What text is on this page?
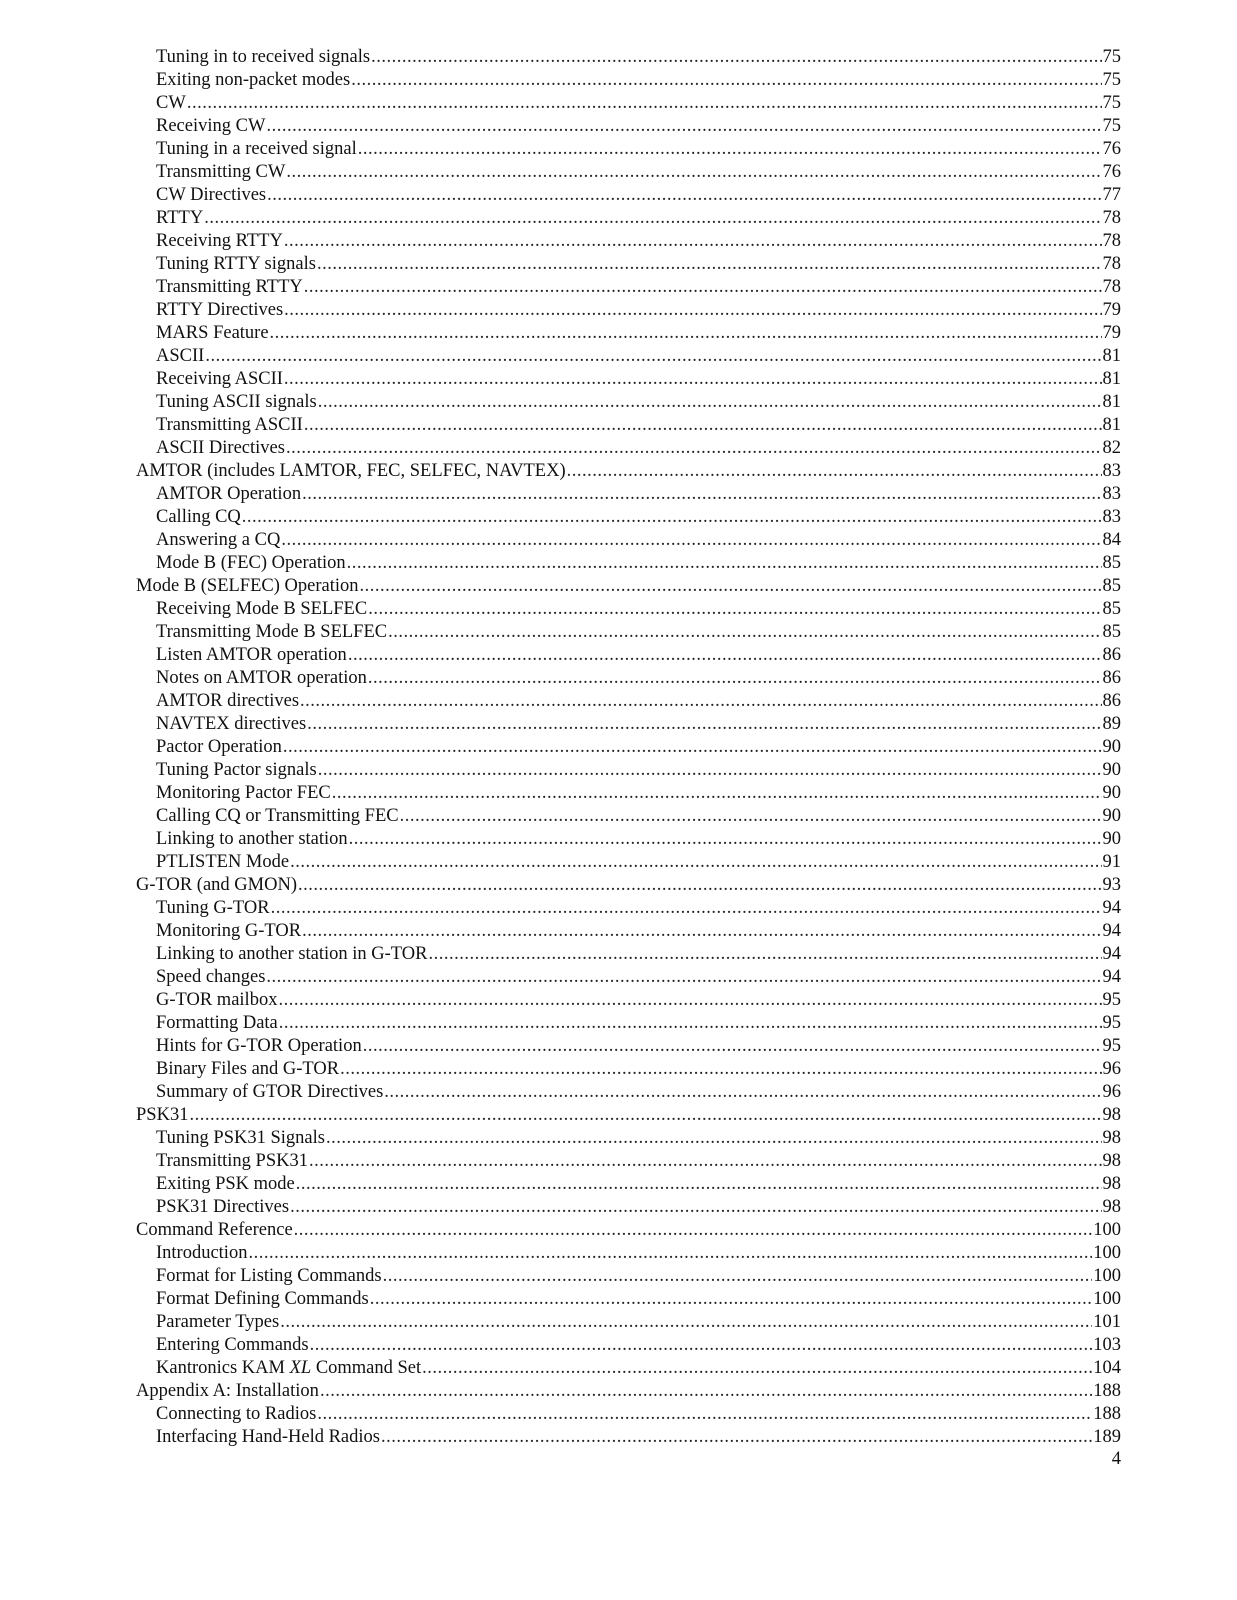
Tuning in to received signals .....	75
Exiting non-packet modes .....	75
CW .....	75
Receiving CW .....	75
Tuning in a received signal .....	76
Transmitting CW .....	76
CW Directives .....	77
RTTY .....	78
Receiving RTTY .....	78
Tuning RTTY signals .....	78
Transmitting RTTY .....	78
RTTY Directives .....	79
MARS Feature .....	79
ASCII .....	81
Receiving ASCII .....	81
Tuning ASCII signals .....	81
Transmitting ASCII .....	81
ASCII Directives .....	82
AMTOR (includes LAMTOR, FEC, SELFEC, NAVTEX) .....	83
AMTOR Operation .....	83
Calling CQ .....	83
Answering a CQ .....	84
Mode B (FEC) Operation .....	85
Mode B (SELFEC) Operation .....	85
Receiving Mode B SELFEC .....	85
Transmitting Mode B SELFEC .....	85
Listen AMTOR operation .....	86
Notes on AMTOR operation .....	86
AMTOR directives .....	86
NAVTEX directives .....	89
Pactor Operation .....	90
Tuning Pactor signals .....	90
Monitoring Pactor FEC .....	90
Calling CQ or Transmitting FEC .....	90
Linking to another station .....	90
PTLISTEN Mode .....	91
G-TOR (and GMON) .....	93
Tuning G-TOR .....	94
Monitoring G-TOR .....	94
Linking to another station in G-TOR .....	94
Speed changes .....	94
G-TOR mailbox .....	95
Formatting Data .....	95
Hints for G-TOR Operation .....	95
Binary Files and G-TOR .....	96
Summary of GTOR Directives .....	96
PSK31 .....	98
Tuning PSK31 Signals .....	98
Transmitting PSK31 .....	98
Exiting PSK mode .....	98
PSK31 Directives .....	98
Command Reference .....	100
Introduction .....	100
Format for Listing Commands .....	100
Format Defining Commands .....	100
Parameter Types .....	101
Entering Commands .....	103
Kantronics KAM XL Command Set .....	104
Appendix A: Installation .....	188
Connecting to Radios .....	188
Interfacing Hand-Held Radios .....	189
4
